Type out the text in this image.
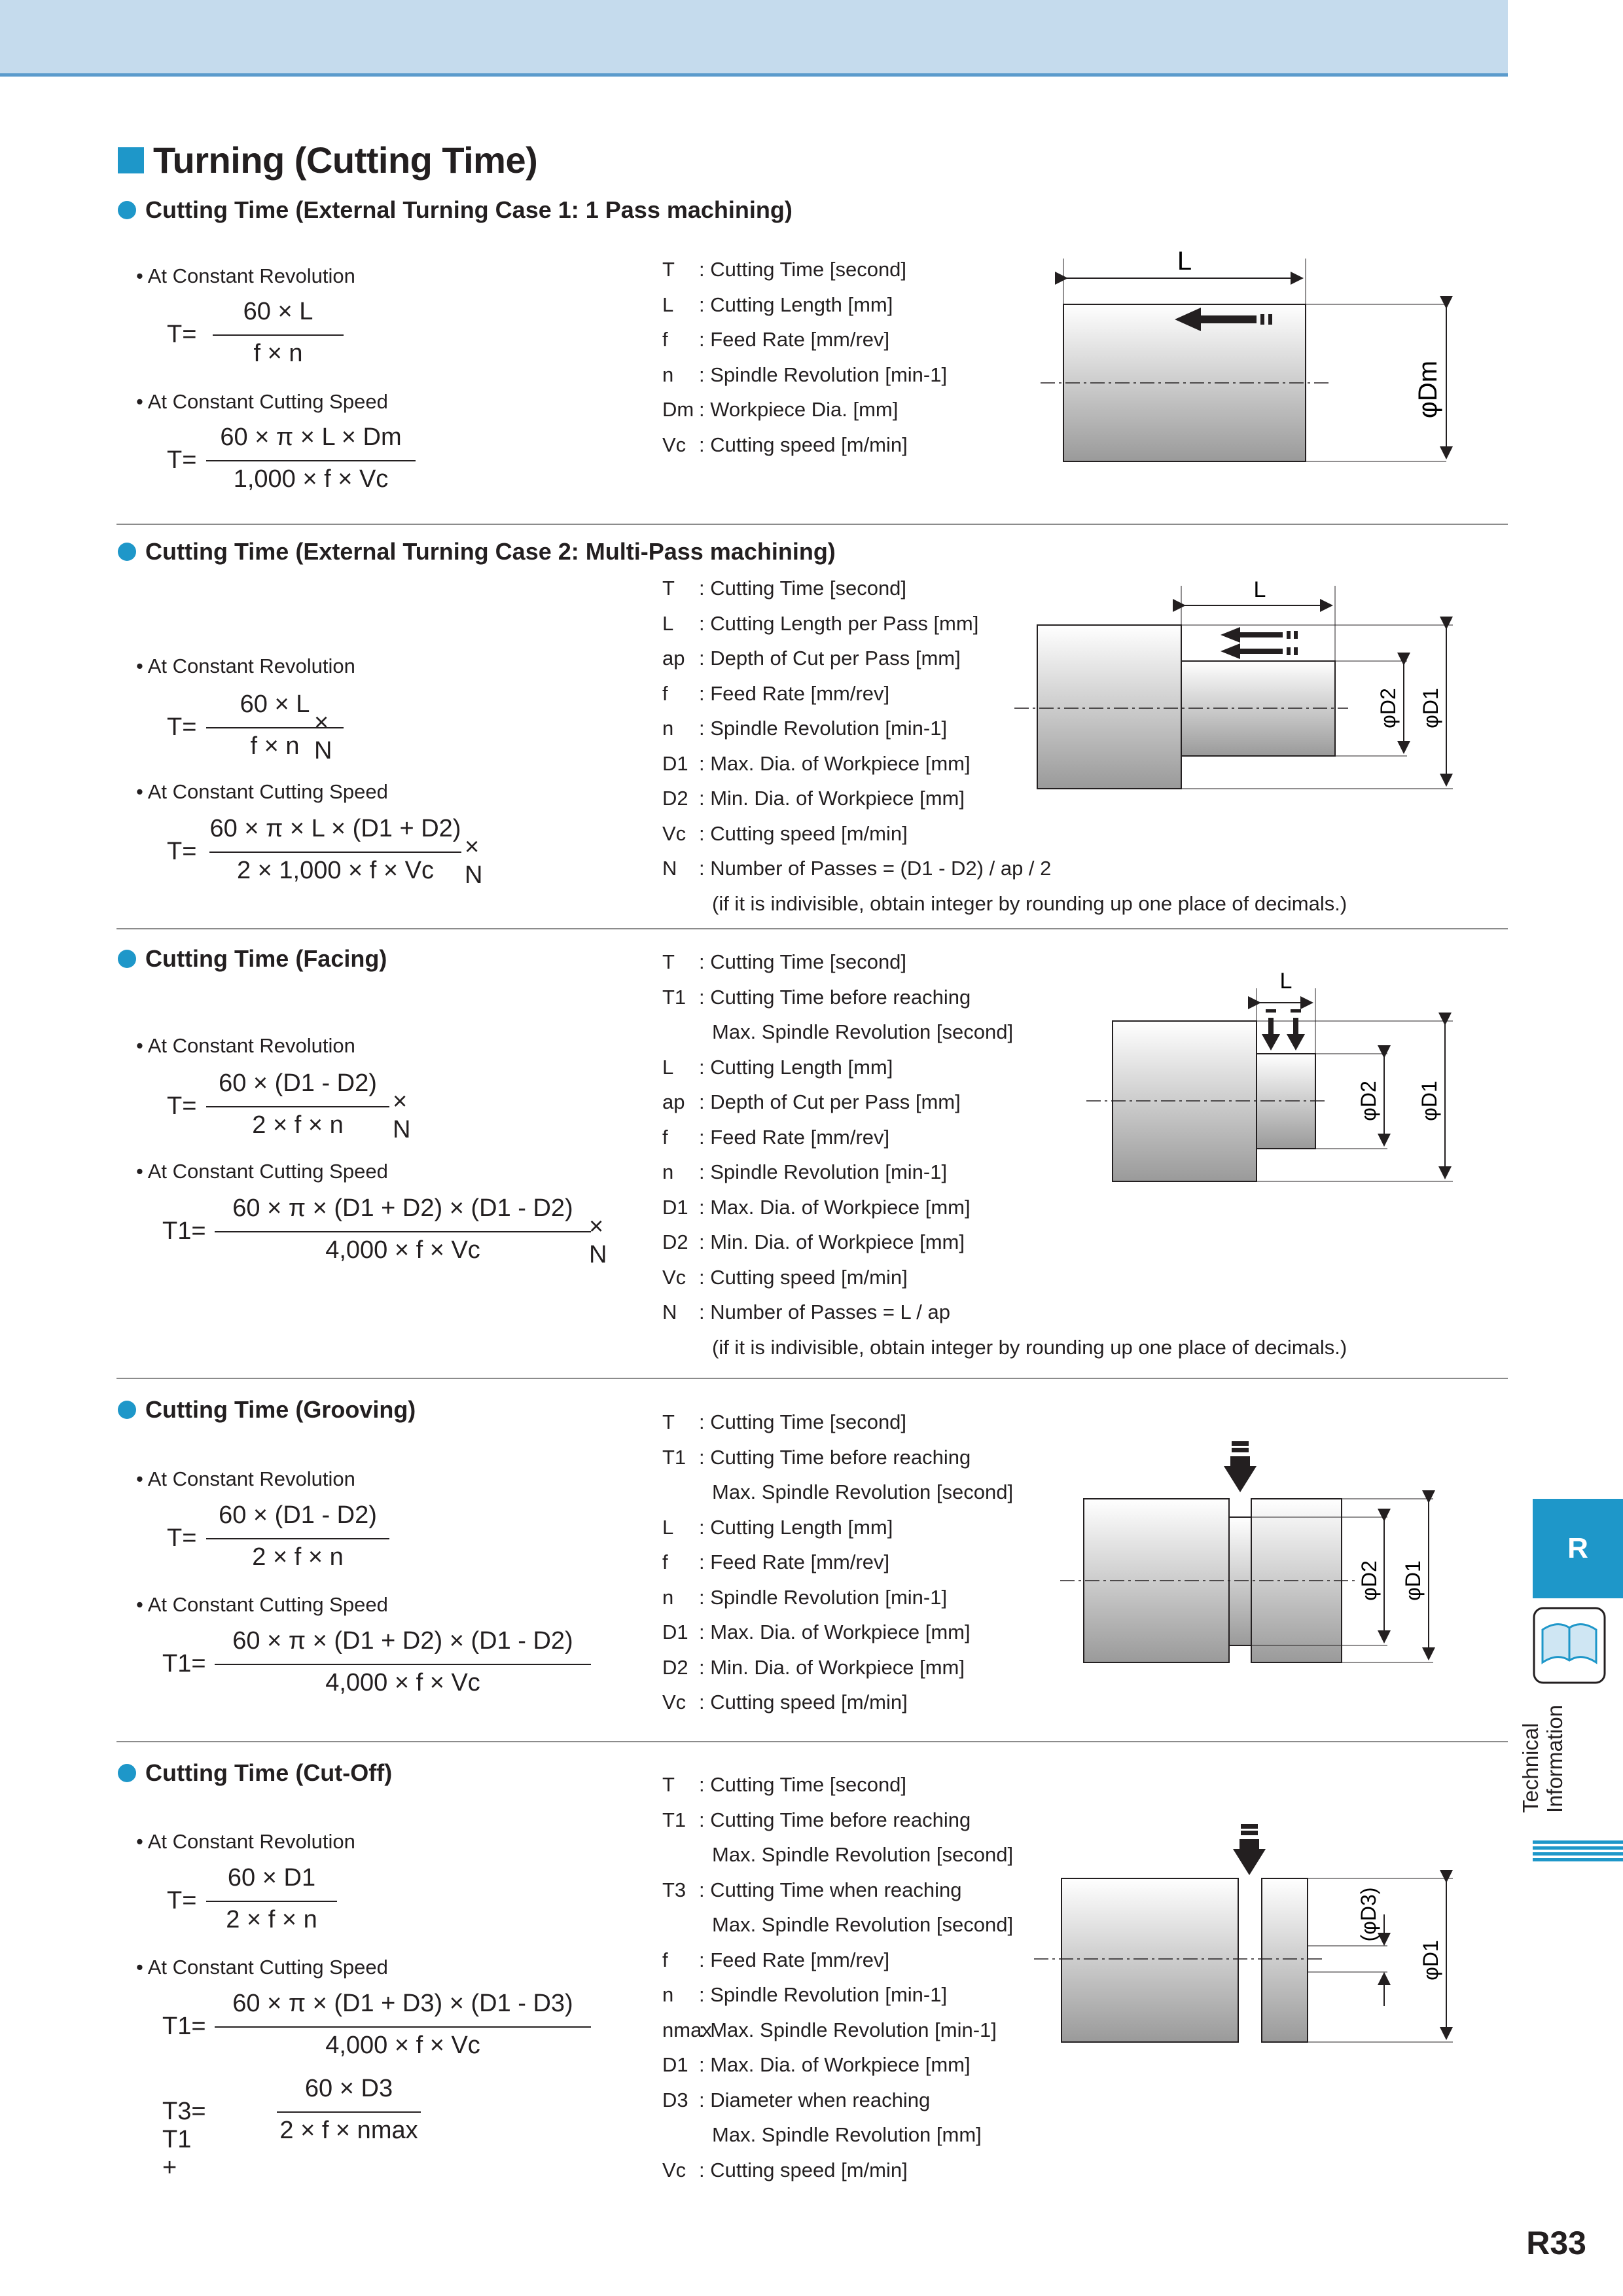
Turning (Cutting Time)
Cutting Time (External Turning Case 1: 1 Pass machining)
• At Constant Revolution
T=
60 × L
f × n
• At Constant Cutting Speed
T=
60 × π × L × Dm
1,000 × f × Vc
T	: Cutting Time [second]
L	: Cutting Length [mm]
f	: Feed Rate [mm/rev]
n	: Spindle Revolution [min-1]
Dm : Workpiece Dia. [mm]
Vc : Cutting speed [m/min]
L
φDm
Cutting Time (External Turning Case 2: Multi-Pass machining)
• At Constant Revolution
T=
60 × L
f × n
× N
• At Constant Cutting Speed
T=
60 × π × L × (D1 + D2)
2 × 1,000 × f × Vc
× N
T	: Cutting Time [second]
L	: Cutting Length per Pass [mm]
ap : Depth of Cut per Pass [mm]
f	: Feed Rate [mm/rev]
n	: Spindle Revolution [min-1]
D1 : Max. Dia. of Workpiece [mm]
D2 : Min. Dia. of Workpiece [mm]
Vc : Cutting speed [m/min]
N	: Number of Passes = (D1 - D2) / ap / 2
(if it is indivisible, obtain integer by rounding up one place of decimals.)
L
φD2 φD1
Cutting Time (Facing)
• At Constant Revolution
T=
60 × (D1 - D2)
2 × f × n
× N
• At Constant Cutting Speed
T1=
60 × π × (D1 + D2) × (D1 - D2)
4,000 × f × Vc
× N
T	: Cutting Time [second]
T1 : Cutting Time before reaching
Max. Spindle Revolution [second]
L	: Cutting Length [mm]
ap : Depth of Cut per Pass [mm]
f	: Feed Rate [mm/rev]
n	: Spindle Revolution [min-1]
D1 : Max. Dia. of Workpiece [mm]
D2 : Min. Dia. of Workpiece [mm]
Vc : Cutting speed [m/min]
N	: Number of Passes = L / ap
(if it is indivisible, obtain integer by rounding up one place of decimals.)
L
φD2 φD1
Cutting Time (Grooving)
• At Constant Revolution
T=
60 × (D1 - D2)
2 × f × n
• At Constant Cutting Speed
T1=
60 × π × (D1 + D2) × (D1 - D2)
4,000 × f × Vc
T	: Cutting Time [second]
T1 : Cutting Time before reaching
Max. Spindle Revolution [second]
L	: Cutting Length [mm]
f	: Feed Rate [mm/rev]
n	: Spindle Revolution [min-1]
D1 : Max. Dia. of Workpiece [mm]
D2 : Min. Dia. of Workpiece [mm]
Vc : Cutting speed [m/min]
φD2 φD1
Cutting Time (Cut-Off)
• At Constant Revolution
T=
60 × D1
2 × f × n
• At Constant Cutting Speed
T1=
60 × π × (D1 + D3) × (D1 - D3)
4,000 × f × Vc
T3= T1 +
60 × D3
2 × f × nmax
T	: Cutting Time [second]
T1 : Cutting Time before reaching
Max. Spindle Revolution [second]
T3 : Cutting Time when reaching
Max. Spindle Revolution [second]
f	: Feed Rate [mm/rev]
n	: Spindle Revolution [min-1]
nmax
: Max. Spindle Revolution [min-1]
D1 : Max. Dia. of Workpiece [mm]
D3 : Diameter when reaching
Max. Spindle Revolution [mm]
Vc : Cutting speed [m/min]
(φD3)
φD1
R
Technical Information
R33
